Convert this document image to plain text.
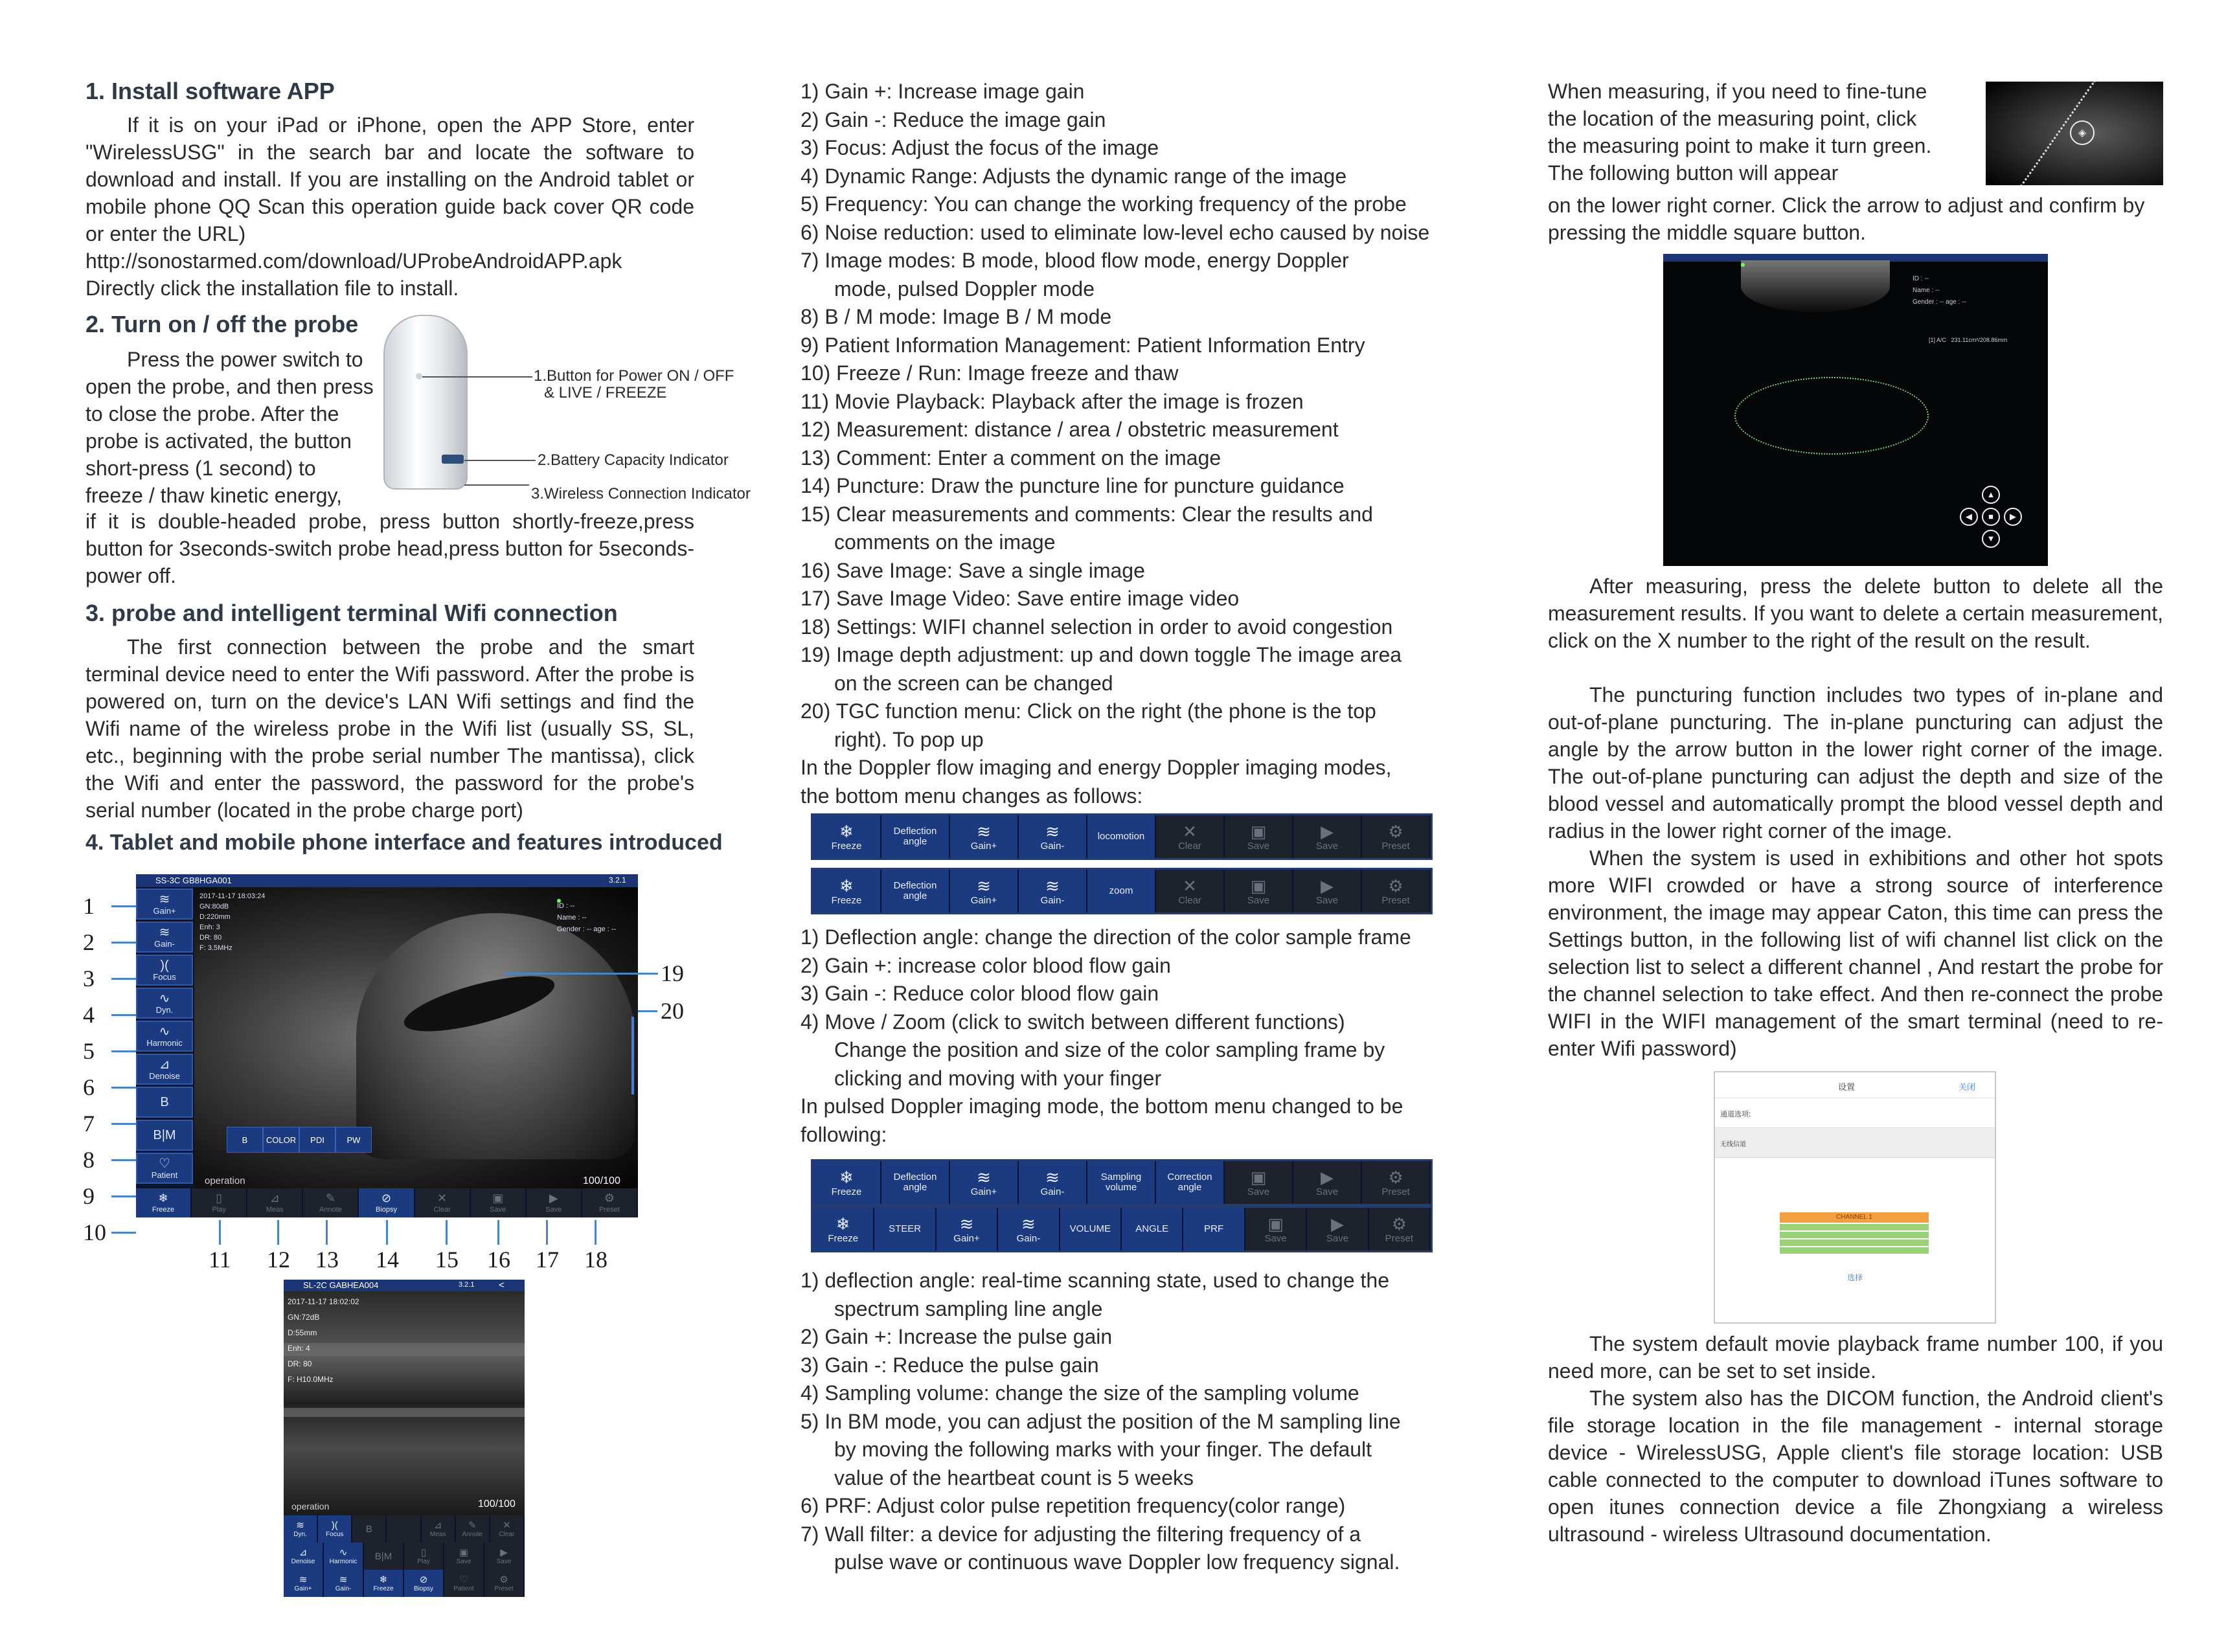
1. Install software APP
If it is on your iPad or iPhone, open the APP Store, enter "WirelessUSG" in the search bar and locate the software to download and install. If you are installing on the Android tablet or mobile phone QQ Scan this operation guide back cover QR code or enter the URL)
http://sonostarmed.com/download/UProbeAndroidAPP.apk
Directly click the installation file to install.
2. Turn on / off the probe
Press the power switch to open the probe, and then press to close the probe. After the probe is activated, the button short-press (1 second) to freeze / thaw kinetic energy,
if it is double-headed probe, press button shortly-freeze,press button for 3seconds-switch probe head,press button for 5seconds-power off.
1.Button for Power ON / OFF
& LIVE / FREEZE
2.Battery Capacity Indicator
3.Wireless Connection Indicator
3. probe and intelligent terminal Wifi connection
The first connection between the probe and the smart terminal device need to enter the Wifi password. After the probe is powered on, turn on the device's LAN Wifi settings and find the Wifi name of the wireless probe in the Wifi list (usually SS, SL, etc., beginning with the probe serial number The mantissa), click the Wifi and enter the password, the password for the probe's serial number (located in the probe charge port)
4. Tablet and mobile phone interface and features introduced
SS-3C GB8HGA001	3.2.1
2017-11-17 18:03:24
GN:80dB
D:220mm
Enh: 3
DR: 80
F: 3.5MHz
ID : --
Name : --
Gender : -- age : --
B	COLOR	PDI	PW
operation	100/100
≋
Gain+
≋
Gain-
)(
Focus
∿
Dyn.
∿
Harmonic
⊿
Denoise
B
B|M
♡
Patient
❄
Freeze
▯
Play
⊿
Meas
✎
Annote
⊘
Biopsy
✕
Clear
▣
Save
▶
Save
⚙
Preset
1
2
3
4
5
6
7
8
9
10
11 12 13 14 15 16 17 18
19
20
SL-2C GABHEA004	3.2.1	<
2017-11-17 18:02:02
GN:72dB
D:55mm
Enh: 4
DR: 80
F: H10.0MHz
operation	100/100
≋
Dyn.
)(
Focus B	⊿
Meas
✎
Annote
✕
Clear
⊿
Denoise
∿
Harmonic B|M	▯
Play
▣
Save
▶
Save
≋
Gain+
≋
Gain-
❄
Freeze
⊘
Biopsy
♡
Patient
⚙
Preset
1) Gain +: Increase image gain
2) Gain -: Reduce the image gain
3) Focus: Adjust the focus of the image
4) Dynamic Range: Adjusts the dynamic range of the image
5) Frequency: You can change the working frequency of the probe
6) Noise reduction: used to eliminate low-level echo caused by noise
7) Image modes: B mode, blood flow mode, energy Doppler
mode, pulsed Doppler mode
8) B / M mode: Image B / M mode
9) Patient Information Management: Patient Information Entry
10) Freeze / Run: Image freeze and thaw
11) Movie Playback: Playback after the image is frozen
12) Measurement: distance / area / obstetric measurement
13) Comment: Enter a comment on the image
14) Puncture: Draw the puncture line for puncture guidance
15) Clear measurements and comments: Clear the results and
comments on the image
16) Save Image: Save a single image
17) Save Image Video: Save entire image video
18) Settings: WIFI channel selection in order to avoid congestion
19) Image depth adjustment: up and down toggle The image area
on the screen can be changed
20) TGC function menu: Click on the right (the phone is the top
right). To pop up
In the Doppler flow imaging and energy Doppler imaging modes,
the bottom menu changes as follows:
❄
Freeze
Deflection
angle
≋
Gain+
≋
Gain-
locomotion ✕
Clear
▣
Save
▶
Save
⚙
Preset
❄
Freeze
Deflection
angle
≋
Gain+
≋
Gain-
zoom	✕
Clear
▣
Save
▶
Save
⚙
Preset
1) Deflection angle: change the direction of the color sample frame
2) Gain +: increase color blood flow gain
3) Gain -: Reduce color blood flow gain
4) Move / Zoom (click to switch between different functions)
Change the position and size of the color sampling frame by
clicking and moving with your finger
In pulsed Doppler imaging mode, the bottom menu changed to be
following:
❄
Freeze
Deflection
angle
≋
Gain+
≋
Gain-
Sampling
volume
Correction
angle
▣
Save
▶
Save
⚙
Preset
❄
Freeze
STEER ≋
Gain+
≋
Gain-
VOLUME	ANGLE	PRF	▣
Save
▶
Save
⚙
Preset
1) deflection angle: real-time scanning state, used to change the
spectrum sampling line angle
2) Gain +: Increase the pulse gain
3) Gain -: Reduce the pulse gain
4) Sampling volume: change the size of the sampling volume
5) In BM mode, you can adjust the position of the M sampling line
by moving the following marks with your finger. The default
value of the heartbeat count is 5 weeks
6) PRF: Adjust color pulse repetition frequency(color range)
7) Wall filter: a device for adjusting the filtering frequency of a
pulse wave or continuous wave Doppler low frequency signal.
When measuring, if you need to fine-tune the location of the measuring point, click the measuring point to make it turn green. The following button will appear
on the lower right corner. Click the arrow to adjust and confirm by pressing the middle square button.
◈
ID : --
Name : --
Gender : -- age : --
[1] A/C 231.11cm²/208.86mm
▲
◀	■	▶
▼
After measuring, press the delete button to delete all the measurement results. If you want to delete a certain measurement, click on the X number to the right of the result on the result.
The puncturing function includes two types of in-plane and out-of-plane puncturing. The in-plane puncturing can adjust the angle by the arrow button in the lower right corner of the image. The out-of-plane puncturing can adjust the depth and size of the blood vessel and automatically prompt the blood vessel depth and radius in the lower right corner of the image.
When the system is used in exhibitions and other hot spots more WIFI crowded or have a strong source of interference environment, the image may appear Caton, this time can press the Settings button, in the following list of wifi channel list click on the selection list to select a different channel , And restart the probe for the channel selection to take effect. And then re-connect the probe WIFI in the WIFI management of the smart terminal (need to re-enter Wifi password)
设置	关闭
通道选项:
无线信道
CHANNEL 1
选择
The system default movie playback frame number 100, if you need more, can be set to set inside.
The system also has the DICOM function, the Android client's file storage location in the file management - internal storage device - WirelessUSG, Apple client's file storage location: USB cable connected to the computer to download iTunes software to open itunes connection device a file Zhongxiang a wireless ultrasound - wireless Ultrasound documentation.
